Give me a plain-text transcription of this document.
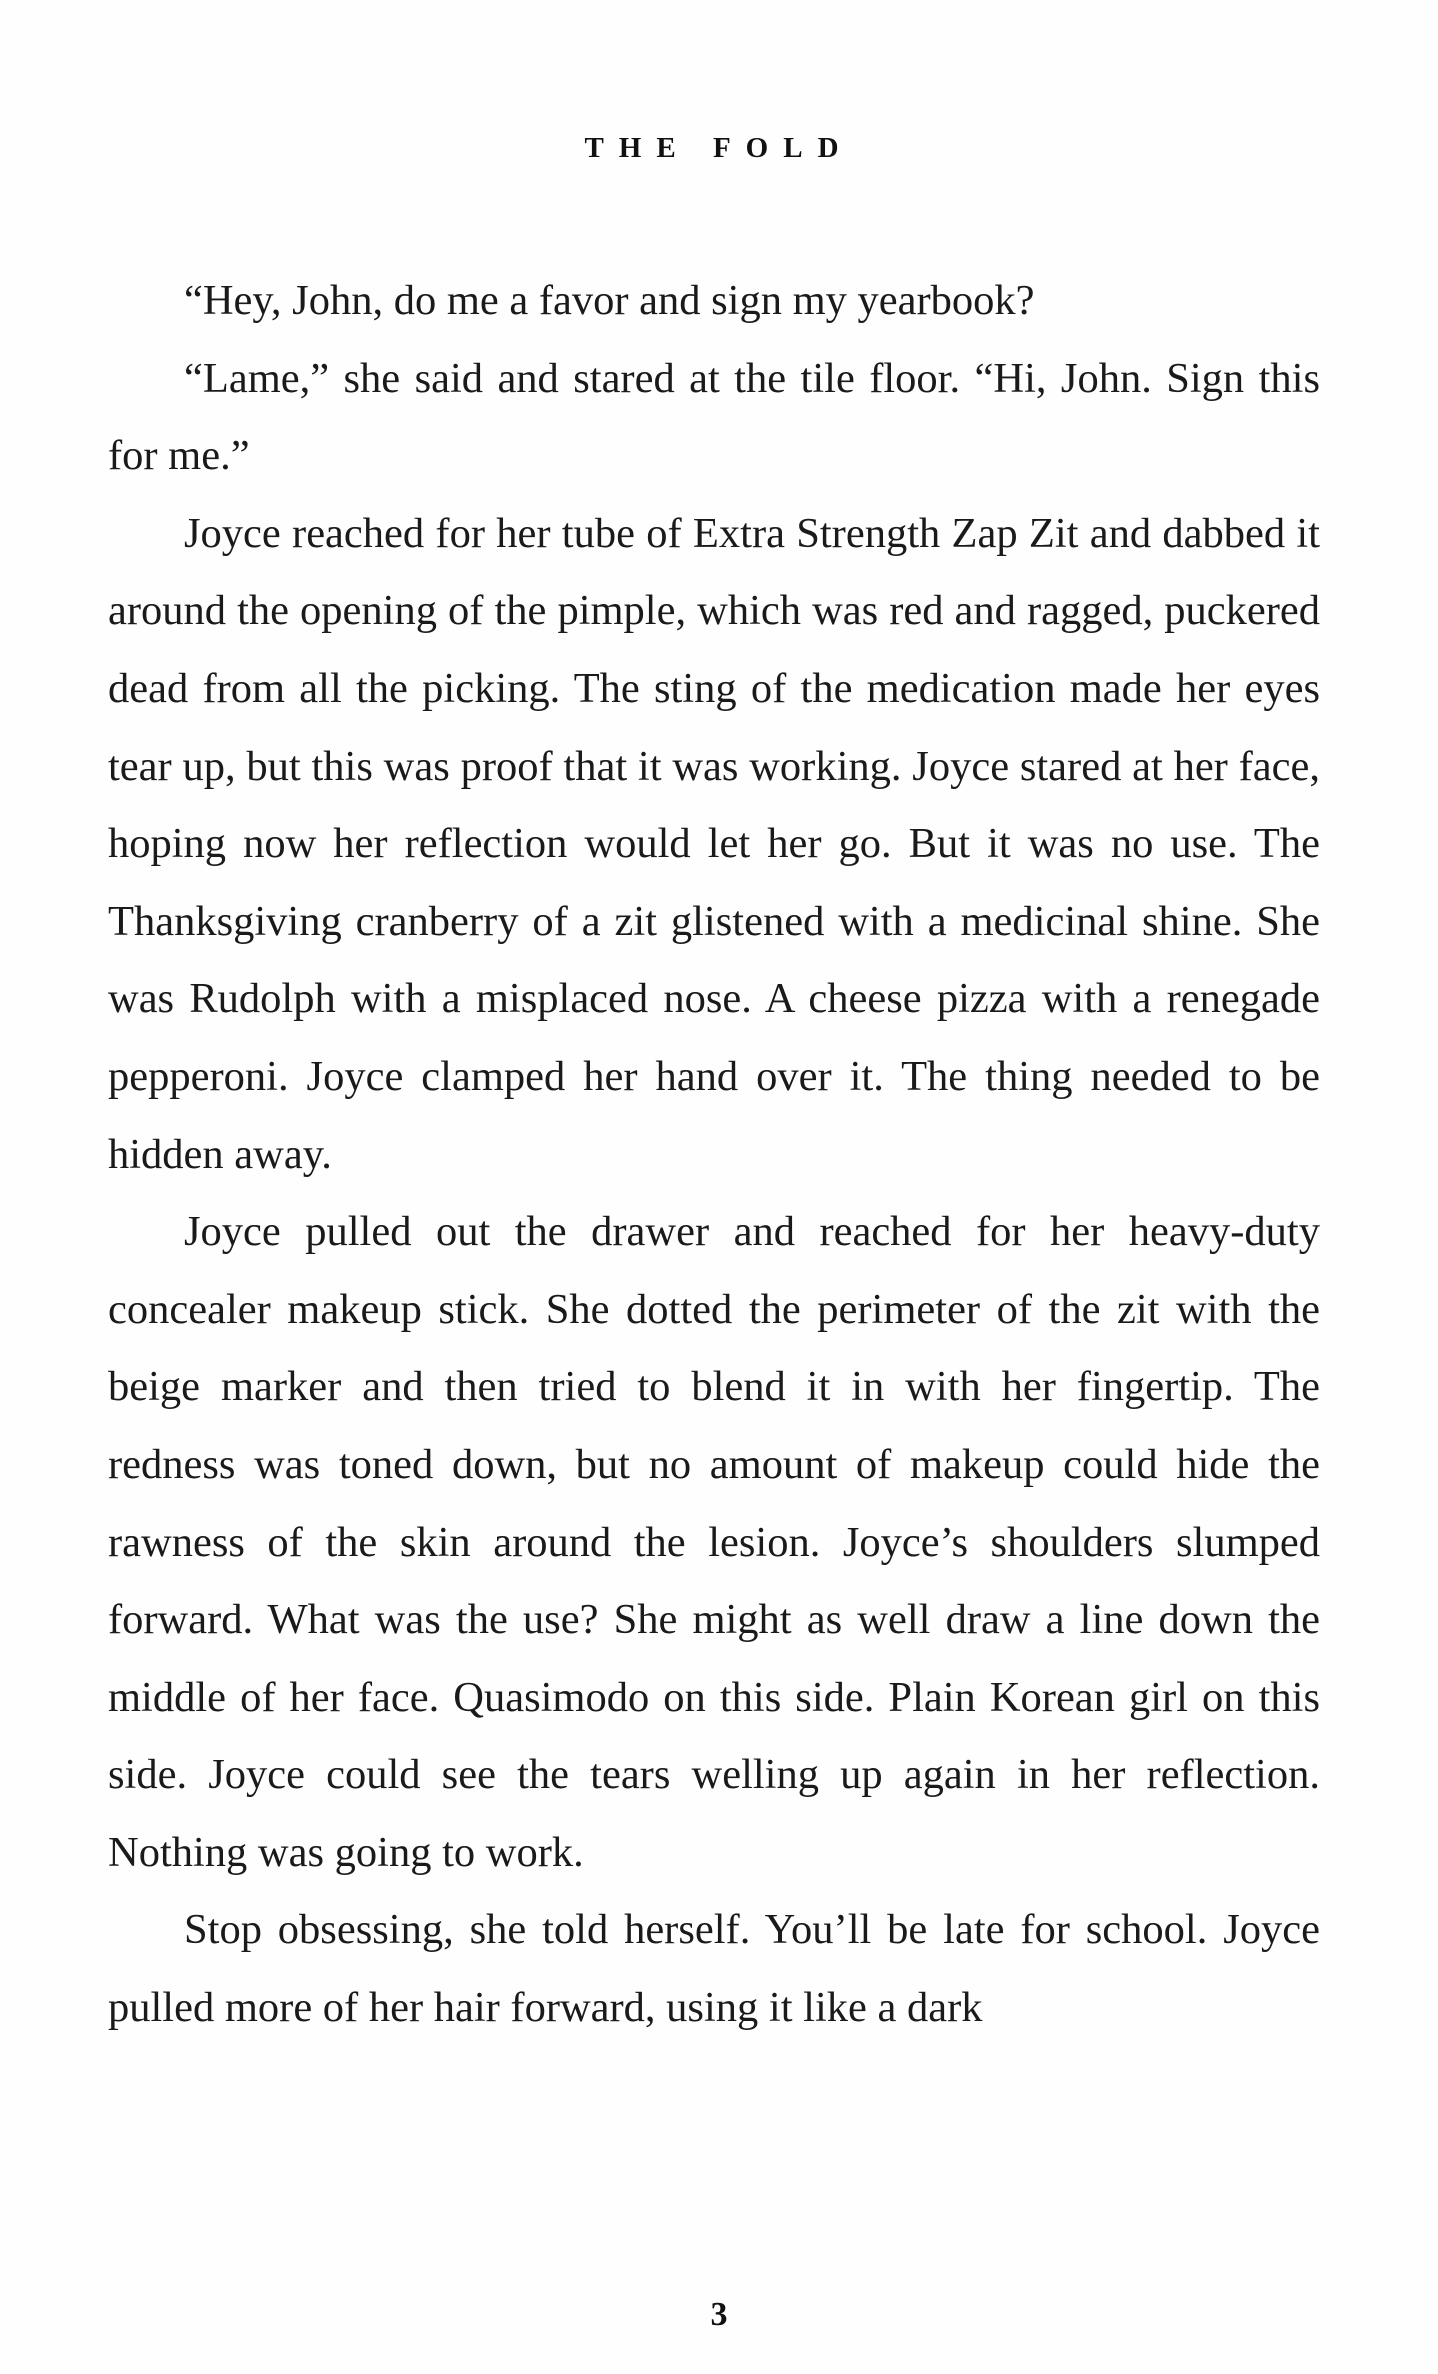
THE FOLD

“Hey, John, do me a favor and sign my yearbook?

“Lame,” she said and stared at the tile floor. “Hi, John. Sign this for me.”

Joyce reached for her tube of Extra Strength Zap Zit and dabbed it around the opening of the pimple, which was red and ragged, puckered dead from all the picking. The sting of the medication made her eyes tear up, but this was proof that it was working. Joyce stared at her face, hoping now her reflection would let her go. But it was no use. The Thanksgiving cranberry of a zit glistened with a medicinal shine. She was Rudolph with a misplaced nose. A cheese pizza with a renegade pepperoni. Joyce clamped her hand over it. The thing needed to be hidden away.

Joyce pulled out the drawer and reached for her heavy-duty concealer makeup stick. She dotted the perimeter of the zit with the beige marker and then tried to blend it in with her fingertip. The redness was toned down, but no amount of makeup could hide the rawness of the skin around the lesion. Joyce’s shoulders slumped forward. What was the use? She might as well draw a line down the middle of her face. Quasimodo on this side. Plain Korean girl on this side. Joyce could see the tears welling up again in her reflection. Nothing was going to work.

Stop obsessing, she told herself. You’ll be late for school. Joyce pulled more of her hair forward, using it like a dark

3
